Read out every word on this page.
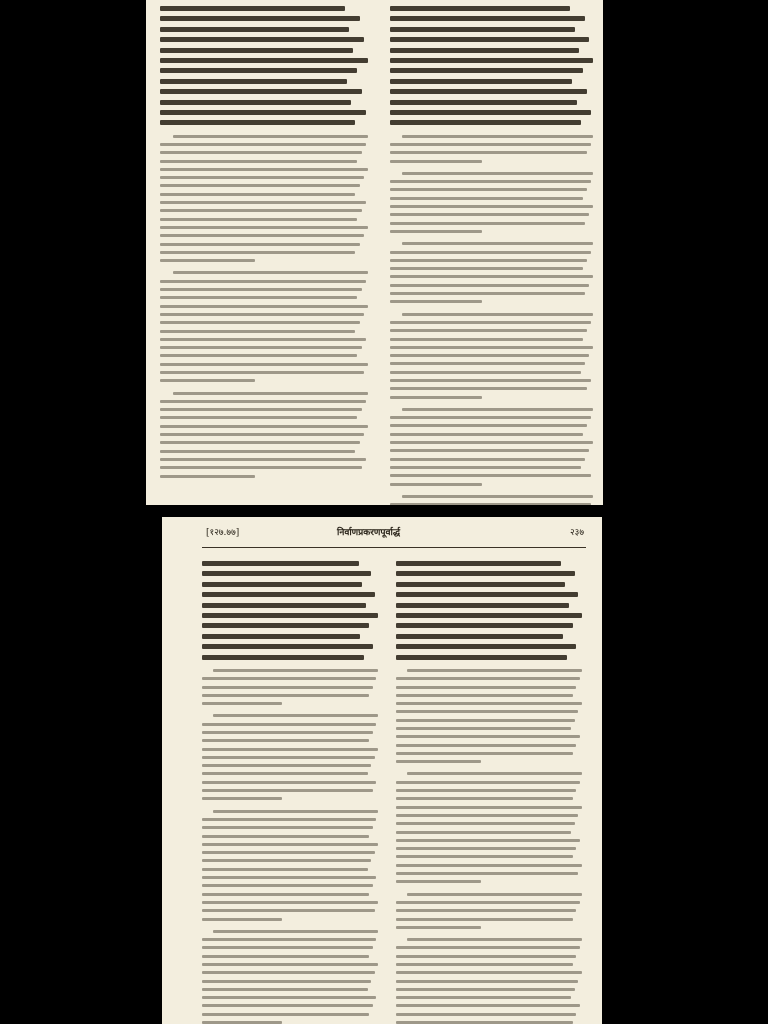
[१२७.७७]	निर्वाणप्रकरणपूर्वार्द्ध	२३७
